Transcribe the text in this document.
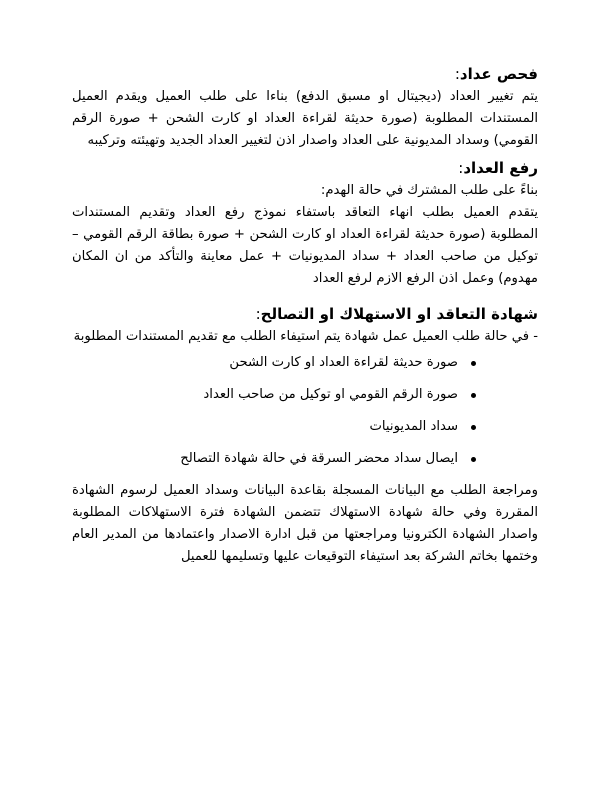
فحص عداد:

يتم تغيير العداد (ديجيتال او مسبق الدفع) بناءا على طلب العميل ويقدم العميل المستندات المطلوبة (صورة حديثة لقراءة العداد او كارت الشحن + صورة الرقم القومي) وسداد المديونية على العداد واصدار اذن لتغيير العداد الجديد وتهيئته وتركيبه

رفع العداد:

بناءً على طلب المشترك في حالة الهدم:

يتقدم العميل بطلب انهاء التعاقد باستفاء نموذج رفع العداد وتقديم المستندات المطلوبة (صورة حديثة لقراءة العداد او كارت الشحن + صورة بطاقة الرقم القومي – توكيل من صاحب العداد + سداد المديونيات + عمل معاينة والتأكد من ان المكان مهدوم) وعمل اذن الرفع الازم لرفع العداد

شهادة التعاقد او الاستهلاك او التصالح:

- في حالة طلب العميل عمل شهادة يتم استيفاء الطلب مع تقديم المستندات المطلوبة

صورة حديثة لقراءة العداد او كارت الشحن
صورة الرقم القومي او توكيل من صاحب العداد
سداد المديونيات
ايصال سداد محضر السرقة في حالة شهادة التصالح

ومراجعة الطلب مع البيانات المسجلة بقاعدة البيانات وسداد العميل لرسوم الشهادة المقررة وفي حالة شهادة الاستهلاك تتضمن الشهادة فترة الاستهلاكات المطلوبة واصدار الشهادة الكترونيا ومراجعتها من قبل ادارة الاصدار واعتمادها من المدير العام وختمها بخاتم الشركة بعد استيفاء التوقيعات عليها وتسليمها للعميل
